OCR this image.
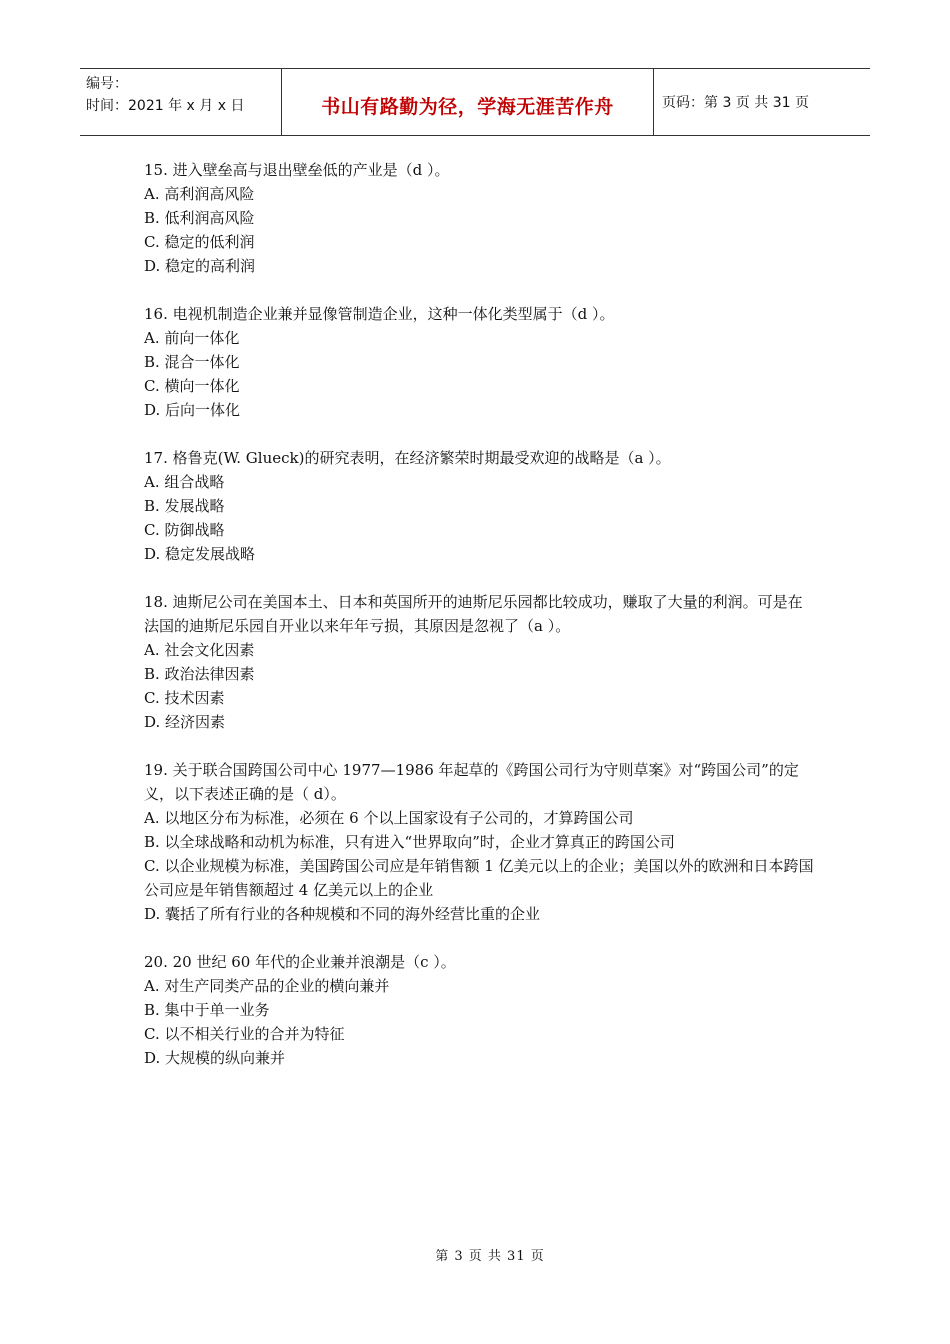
编号：
时间：2021 年 x 月 x 日	书山有路勤为径，学海无涯苦作舟	页码：第 3 页 共 31 页

15. 进入壁垒高与退出壁垒低的产业是（d ）。

A. 高利润高风险

B. 低利润高风险

C. 稳定的低利润

D. 稳定的高利润

16. 电视机制造企业兼并显像管制造企业，这种一体化类型属于（d ）。

A. 前向一体化

B. 混合一体化

C. 横向一体化

D. 后向一体化

17. 格鲁克(W. Glueck)的研究表明，在经济繁荣时期最受欢迎的战略是（a ）。

A. 组合战略

B. 发展战略

C. 防御战略

D. 稳定发展战略

18. 迪斯尼公司在美国本土、日本和英国所开的迪斯尼乐园都比较成功，赚取了大量的利润。可是在法国的迪斯尼乐园自开业以来年年亏损，其原因是忽视了（a ）。

A. 社会文化因素

B. 政治法律因素

C. 技术因素

D. 经济因素

19. 关于联合国跨国公司中心 1977—1986 年起草的《跨国公司行为守则草案》对“跨国公司”的定义，以下表述正确的是（ d）。

A. 以地区分布为标准，必须在 6 个以上国家设有子公司的，才算跨国公司

B. 以全球战略和动机为标准，只有进入“世界取向”时，企业才算真正的跨国公司

C. 以企业规模为标准，美国跨国公司应是年销售额 1 亿美元以上的企业；美国以外的欧洲和日本跨国公司应是年销售额超过 4 亿美元以上的企业

D. 囊括了所有行业的各种规模和不同的海外经营比重的企业

20. 20 世纪 60 年代的企业兼并浪潮是（c ）。

A. 对生产同类产品的企业的横向兼并

B. 集中于单一业务

C. 以不相关行业的合并为特征

D. 大规模的纵向兼并

第 3 页 共 31 页
